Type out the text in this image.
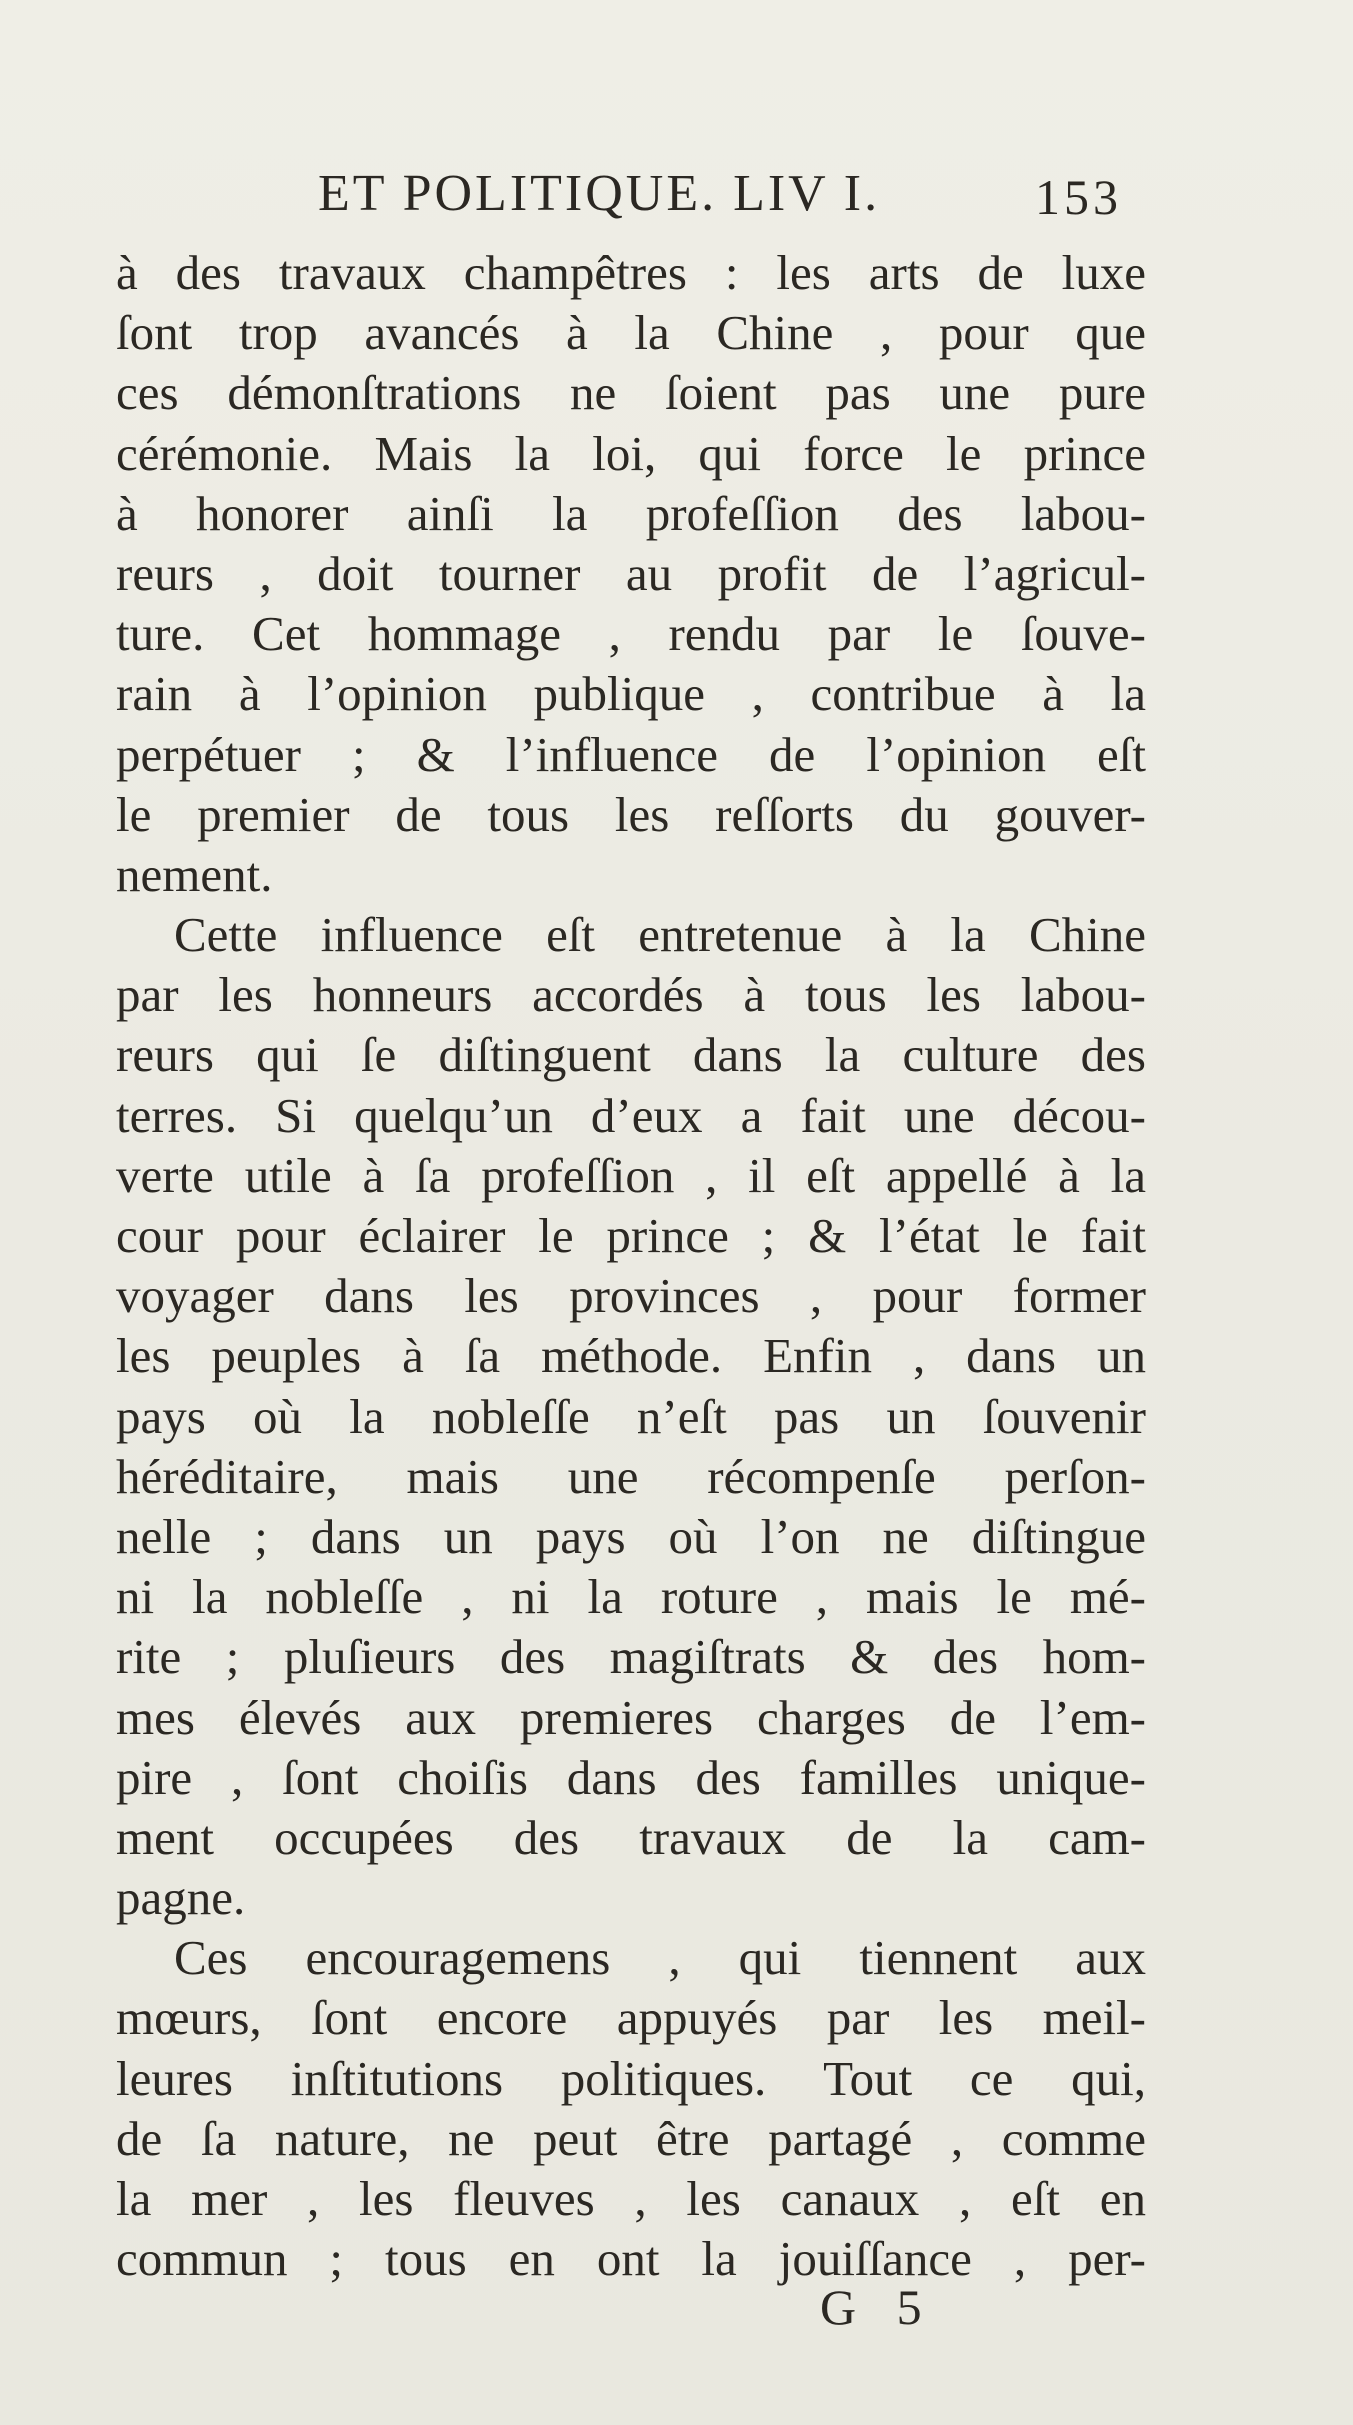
ET POLITIQUE. LIV I.	153
à des travaux champêtres : les arts de luxe
ſont trop avancés à la Chine , pour que
ces démonſtrations ne ſoient pas une pure
cérémonie. Mais la loi, qui force le prince
à honorer ainſi la profeſſion des labou-
reurs , doit tourner au profit de l’agricul-
ture. Cet hommage , rendu par le ſouve-
rain à l’opinion publique , contribue à la
perpétuer ; & l’influence de l’opinion eſt
le premier de tous les reſſorts du gouver-
nement.
Cette influence eſt entretenue à la Chine
par les honneurs accordés à tous les labou-
reurs qui ſe diſtinguent dans la culture des
terres. Si quelqu’un d’eux a fait une décou-
verte utile à ſa profeſſion , il eſt appellé à la
cour pour éclairer le prince ; & l’état le fait
voyager dans les provinces , pour former
les peuples à ſa méthode. Enfin , dans un
pays où la nobleſſe n’eſt pas un ſouvenir
héréditaire, mais une récompenſe perſon-
nelle ; dans un pays où l’on ne diſtingue
ni la nobleſſe , ni la roture , mais le mé-
rite ; pluſieurs des magiſtrats & des hom-
mes élevés aux premieres charges de l’em-
pire , ſont choiſis dans des familles unique-
ment occupées des travaux de la cam-
pagne.
Ces encouragemens , qui tiennent aux
mœurs, ſont encore appuyés par les meil-
leures inſtitutions politiques. Tout ce qui,
de ſa nature, ne peut être partagé , comme
la mer , les fleuves , les canaux , eſt en
commun ; tous en ont la jouiſſance , per-
G 5
